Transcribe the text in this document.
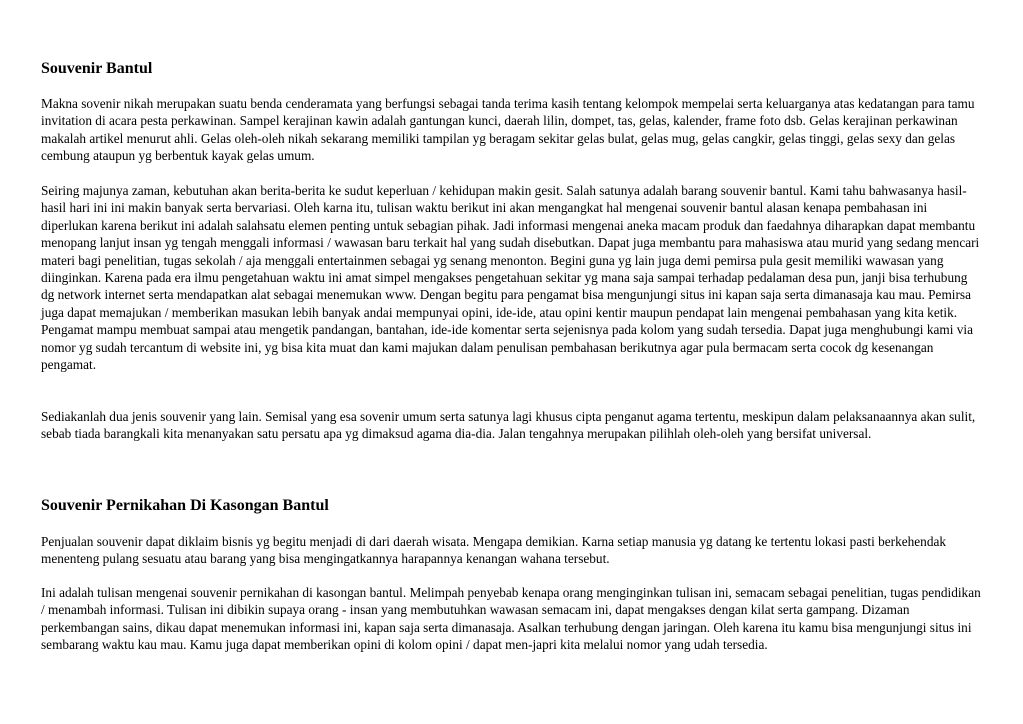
Souvenir Bantul

Makna sovenir nikah merupakan suatu benda cenderamata yang berfungsi sebagai tanda terima kasih tentang kelompok mempelai serta keluarganya atas kedatangan para tamu invitation di acara pesta perkawinan. Sampel kerajinan kawin adalah gantungan kunci, daerah lilin, dompet, tas, gelas, kalender, frame foto dsb. Gelas kerajinan perkawinan makalah artikel menurut ahli. Gelas oleh-oleh nikah sekarang memiliki tampilan yg beragam sekitar gelas bulat, gelas mug, gelas cangkir, gelas tinggi, gelas sexy dan gelas cembung ataupun yg berbentuk kayak gelas umum.

Seiring majunya zaman, kebutuhan akan berita-berita ke sudut keperluan / kehidupan makin gesit. Salah satunya adalah barang souvenir bantul. Kami tahu bahwasanya hasil-hasil hari ini ini makin banyak serta bervariasi. Oleh karna itu, tulisan waktu berikut ini akan mengangkat hal mengenai souvenir bantul alasan kenapa pembahasan ini diperlukan karena berikut ini adalah salahsatu elemen penting untuk sebagian pihak. Jadi informasi mengenai aneka macam produk dan faedahnya diharapkan dapat membantu menopang lanjut insan yg tengah menggali informasi / wawasan baru terkait hal yang sudah disebutkan. Dapat juga membantu para mahasiswa atau murid yang sedang mencari materi bagi penelitian, tugas sekolah / aja menggali entertainmen sebagai yg senang menonton. Begini guna yg lain juga demi pemirsa pula gesit memiliki wawasan yang diinginkan. Karena pada era ilmu pengetahuan waktu ini amat simpel mengakses pengetahuan sekitar yg mana saja sampai terhadap pedalaman desa pun, janji bisa terhubung dg network internet serta mendapatkan alat sebagai menemukan www. Dengan begitu para pengamat bisa mengunjungi situs ini kapan saja serta dimanasaja kau mau. Pemirsa juga dapat memajukan / memberikan masukan lebih banyak andai mempunyai opini, ide-ide, atau opini kentir maupun pendapat lain mengenai pembahasan yang kita ketik. Pengamat mampu membuat sampai atau mengetik pandangan, bantahan, ide-ide komentar serta sejenisnya pada kolom yang sudah tersedia. Dapat juga menghubungi kami via nomor yg sudah tercantum di website ini, yg bisa kita muat dan kami majukan dalam penulisan pembahasan berikutnya agar pula bermacam serta cocok dg kesenangan pengamat.

Sediakanlah dua jenis souvenir yang lain. Semisal yang esa sovenir umum serta satunya lagi khusus cipta penganut agama tertentu, meskipun dalam pelaksanaannya akan sulit, sebab tiada barangkali kita menanyakan satu persatu apa yg dimaksud agama dia-dia. Jalan tengahnya merupakan pilihlah oleh-oleh yang bersifat universal.

Souvenir Pernikahan Di Kasongan Bantul

Penjualan souvenir dapat diklaim bisnis yg begitu menjadi di dari daerah wisata. Mengapa demikian. Karna setiap manusia yg datang ke tertentu lokasi pasti berkehendak menenteng pulang sesuatu atau barang yang bisa mengingatkannya harapannya kenangan wahana tersebut.

Ini adalah tulisan mengenai souvenir pernikahan di kasongan bantul. Melimpah penyebab kenapa orang menginginkan tulisan ini, semacam sebagai penelitian, tugas pendidikan / menambah informasi. Tulisan ini dibikin supaya orang - insan yang membutuhkan wawasan semacam ini, dapat mengakses dengan kilat serta gampang. Dizaman perkembangan sains, dikau dapat menemukan informasi ini, kapan saja serta dimanasaja. Asalkan terhubung dengan jaringan. Oleh karena itu kamu bisa mengunjungi situs ini sembarang waktu kau mau. Kamu juga dapat memberikan opini di kolom opini / dapat men-japri kita melalui nomor yang udah tersedia.
